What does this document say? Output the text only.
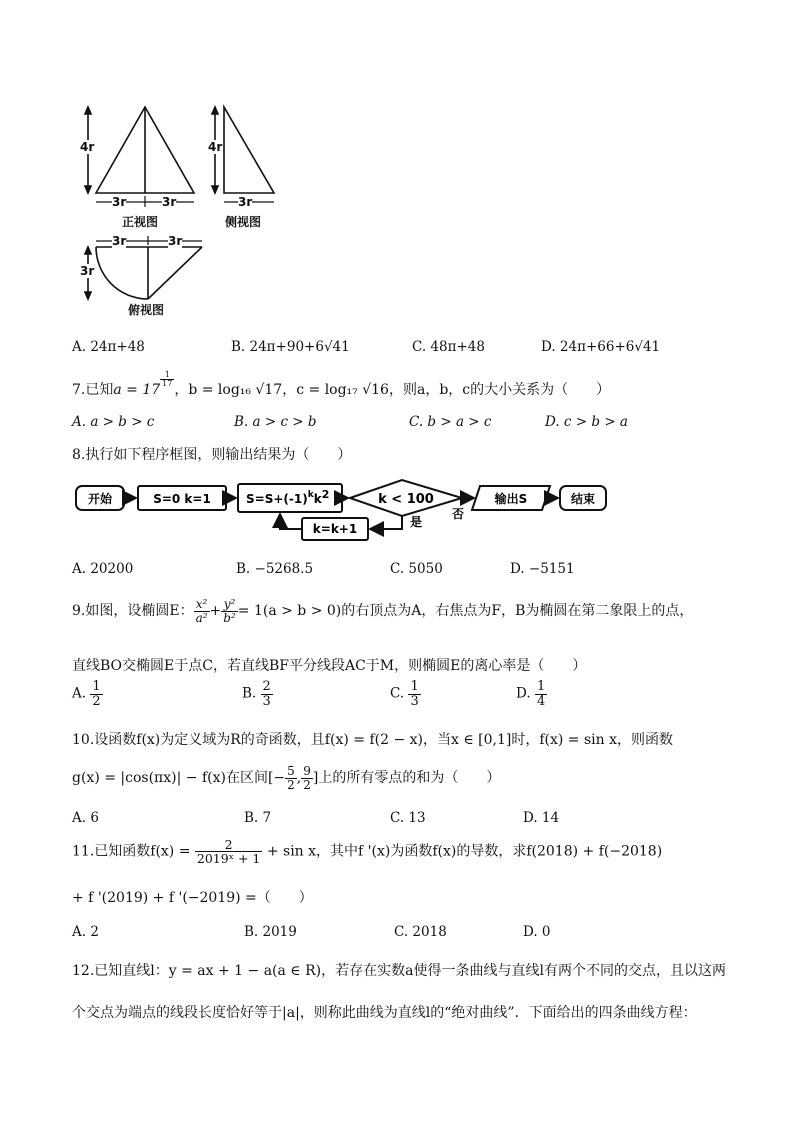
4r
3r	3r
正视图
4r
3r
侧视图
3r	3r
3r
俯视图
A. 24π+48	B. 24π+90+6√41	C. 48π+48	D. 24π+66+6√41
7.已知a = 17
$\frac{1}{17}$
，b = log₁₆ √17，c = log₁₇ √16，则a，b，c的大小关系为（　　）
A. a > b > c	B. a > c > b	C. b > a > c	D. c > b > a
8.执行如下程序框图，则输出结果为（　　）
开始	S=0 k=1	$S=S+(-1)^kk2$	k < 100	输出S	结束
k=k+1	是
否
A. 20200	B. −5268.5	C. 5050	D. −5151
9.如图，设椭圆E： $\frac{\text{x²}}{\text{a²}} + \frac{\text{y²}}{\text{b²}} = 1(a > b > 0)$的右顶点为A，右焦点为F，B为椭圆在第二象限上的点，
直线BO交椭圆E于点C，若直线BF平分线段AC于M，则椭圆E的离心率是（　　）
A. $\frac{1}{2}$	B. $\frac{2}{3}$	C. $\frac{1}{3}$	D. $\frac{1}{4}$
10.设函数f(x)为定义域为R的奇函数，且f(x) = f(2 − x)，当x ∈ [0,1]时，f(x) = sin x，则函数
g(x) = |cos(πx)| − f(x)在区间[− $\frac{5}{2}$ , $\frac{9}{2}$ ]上的所有零点的和为（　　）
A. 6	B. 7	C. 13	D. 14
11.已知函数$f(x) = \frac{2}{\text{2019ˣ + 1}} + \sin x$，其中f '(x)为函数f(x)的导数，求f(2018) + f(−2018)
+ f '(2019) + f '(−2019) =（　　）
A. 2	B. 2019	C. 2018	D. 0
12.已知直线l：y = ax + 1 − a(a ∈ R)，若存在实数a使得一条曲线与直线l有两个不同的交点，且以这两
个交点为端点的线段长度恰好等于|a|，则称此曲线为直线l的“绝对曲线”．下面给出的四条曲线方程：
